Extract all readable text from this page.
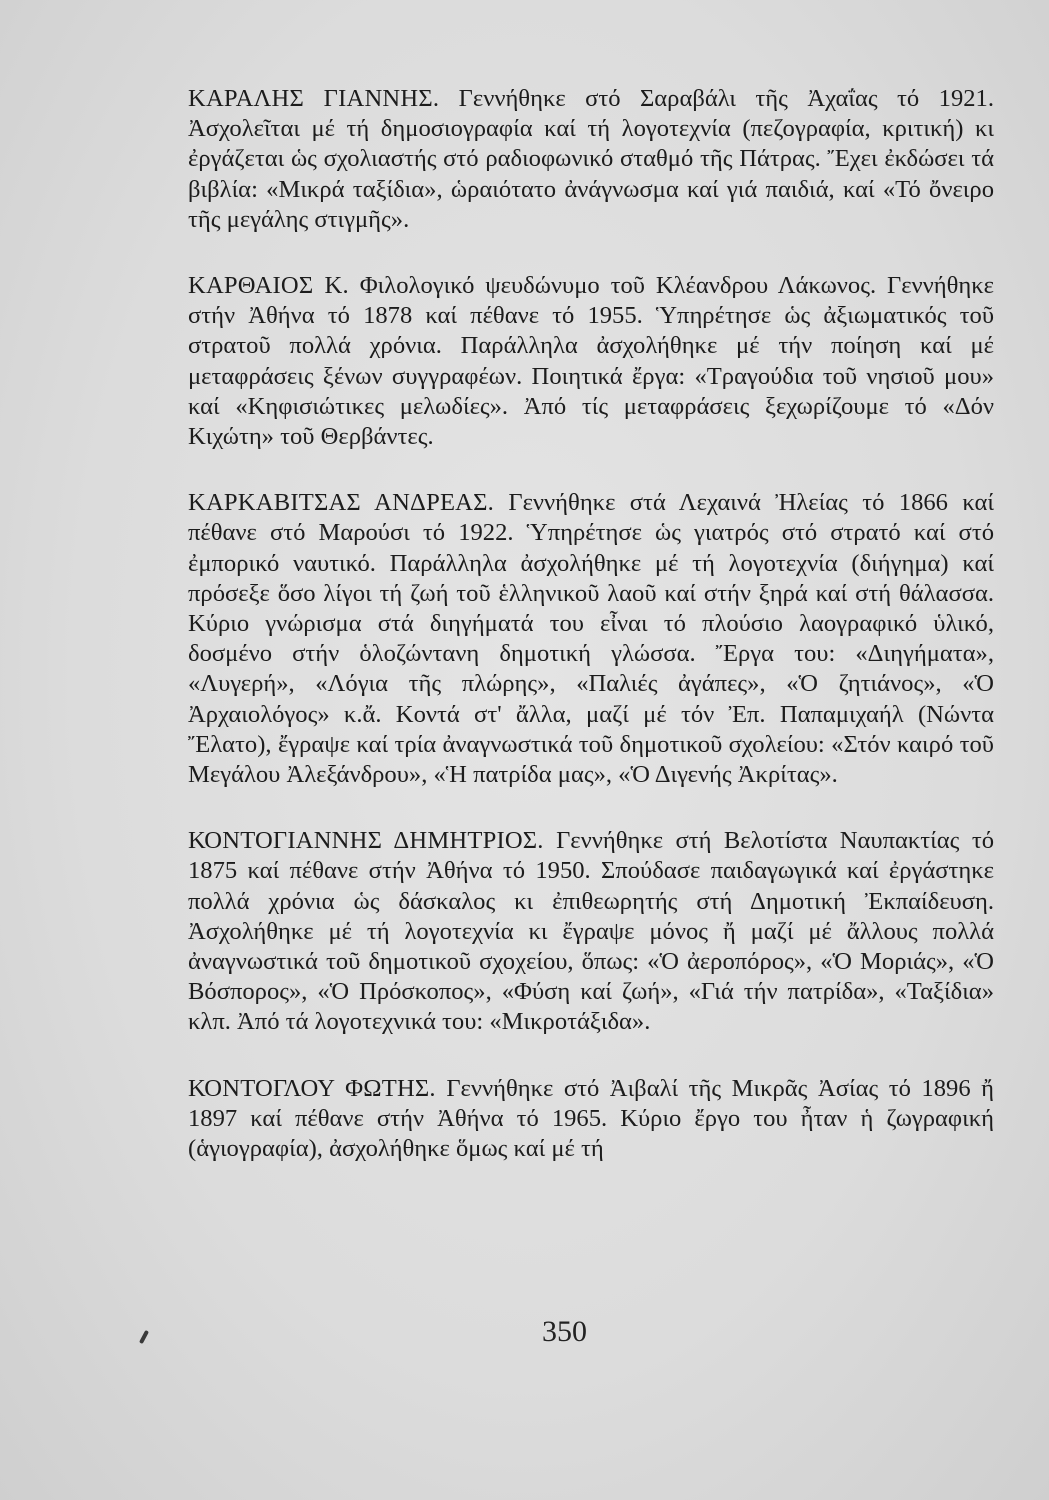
ΚΑΡΑΛΗΣ ΓΙΑΝΝΗΣ. Γεννήθηκε στό Σαραβάλι τῆς Ἀχαΐας τό 1921. Ἀσχολεῖται μέ τή δημοσιογραφία καί τή λογοτεχνία (πεζογραφία, κριτική) κι ἐργάζεται ὡς σχολιαστής στό ραδιοφωνικό σταθμό τῆς Πάτρας. Ἔχει ἐκδώσει τά βιβλία: «Μικρά ταξίδια», ὡραιότατο ἀνάγνωσμα καί γιά παιδιά, καί «Τό ὄνειρο τῆς μεγάλης στιγμῆς».

ΚΑΡΘΑΙΟΣ Κ. Φιλολογικό ψευδώνυμο τοῦ Κλέανδρου Λάκωνος. Γεννήθηκε στήν Ἀθήνα τό 1878 καί πέθανε τό 1955. Ὑπηρέτησε ὡς ἀξιωματικός τοῦ στρατοῦ πολλά χρόνια. Παράλληλα ἀσχολήθηκε μέ τήν ποίηση καί μέ μεταφράσεις ξένων συγγραφέων. Ποιητικά ἔργα: «Τραγούδια τοῦ νησιοῦ μου» καί «Κηφισιώτικες μελωδίες». Ἀπό τίς μεταφράσεις ξεχωρίζουμε τό «Δόν Κιχώτη» τοῦ Θερβάντες.

ΚΑΡΚΑΒΙΤΣΑΣ ΑΝΔΡΕΑΣ. Γεννήθηκε στά Λεχαινά Ἠλείας τό 1866 καί πέθανε στό Μαρούσι τό 1922. Ὑπηρέτησε ὡς γιατρός στό στρατό καί στό ἐμπορικό ναυτικό. Παράλληλα ἀσχολήθηκε μέ τή λογοτεχνία (διήγημα) καί πρόσεξε ὅσο λίγοι τή ζωή τοῦ ἑλληνικοῦ λαοῦ καί στήν ξηρά καί στή θάλασσα. Κύριο γνώρισμα στά διηγήματά του εἶναι τό πλούσιο λαογραφικό ὑλικό, δοσμένο στήν ὁλοζώντανη δημοτική γλώσσα. Ἔργα του: «Διηγήματα», «Λυγερή», «Λόγια τῆς πλώρης», «Παλιές ἀγάπες», «Ὁ ζητιάνος», «Ὁ Ἀρχαιολόγος» κ.ἄ. Κοντά στ' ἄλλα, μαζί μέ τόν Ἐπ. Παπαμιχαήλ (Νώντα Ἔλατο), ἔγραψε καί τρία ἀναγνωστικά τοῦ δημοτικοῦ σχολείου: «Στόν καιρό τοῦ Μεγάλου Ἀλεξάνδρου», «Ἡ πατρίδα μας», «Ὁ Διγενής Ἀκρίτας».

ΚΟΝΤΟΓΙΑΝΝΗΣ ΔΗΜΗΤΡΙΟΣ. Γεννήθηκε στή Βελοτίστα Ναυπακτίας τό 1875 καί πέθανε στήν Ἀθήνα τό 1950. Σπούδασε παιδαγωγικά καί ἐργάστηκε πολλά χρόνια ὡς δάσκαλος κι ἐπιθεωρητής στή Δημοτική Ἐκπαίδευση. Ἀσχολήθηκε μέ τή λογοτεχνία κι ἔγραψε μόνος ἤ μαζί μέ ἄλλους πολλά ἀναγνωστικά τοῦ δημοτικοῦ σχοχείου, ὅπως: «Ὁ ἀεροπόρος», «Ὁ Μοριάς», «Ὁ Βόσπορος», «Ὁ Πρόσκοπος», «Φύση καί ζωή», «Γιά τήν πατρίδα», «Ταξίδια» κλπ. Ἀπό τά λογοτεχνικά του: «Μικροτάξιδα».

ΚΟΝΤΟΓΛΟΥ ΦΩΤΗΣ. Γεννήθηκε στό Ἀιβαλί τῆς Μικρᾶς Ἀσίας τό 1896 ἤ 1897 καί πέθανε στήν Ἀθήνα τό 1965. Κύριο ἔργο του ἦταν ἡ ζωγραφική (ἁγιογραφία), ἀσχολήθηκε ὅμως καί μέ τή

350
